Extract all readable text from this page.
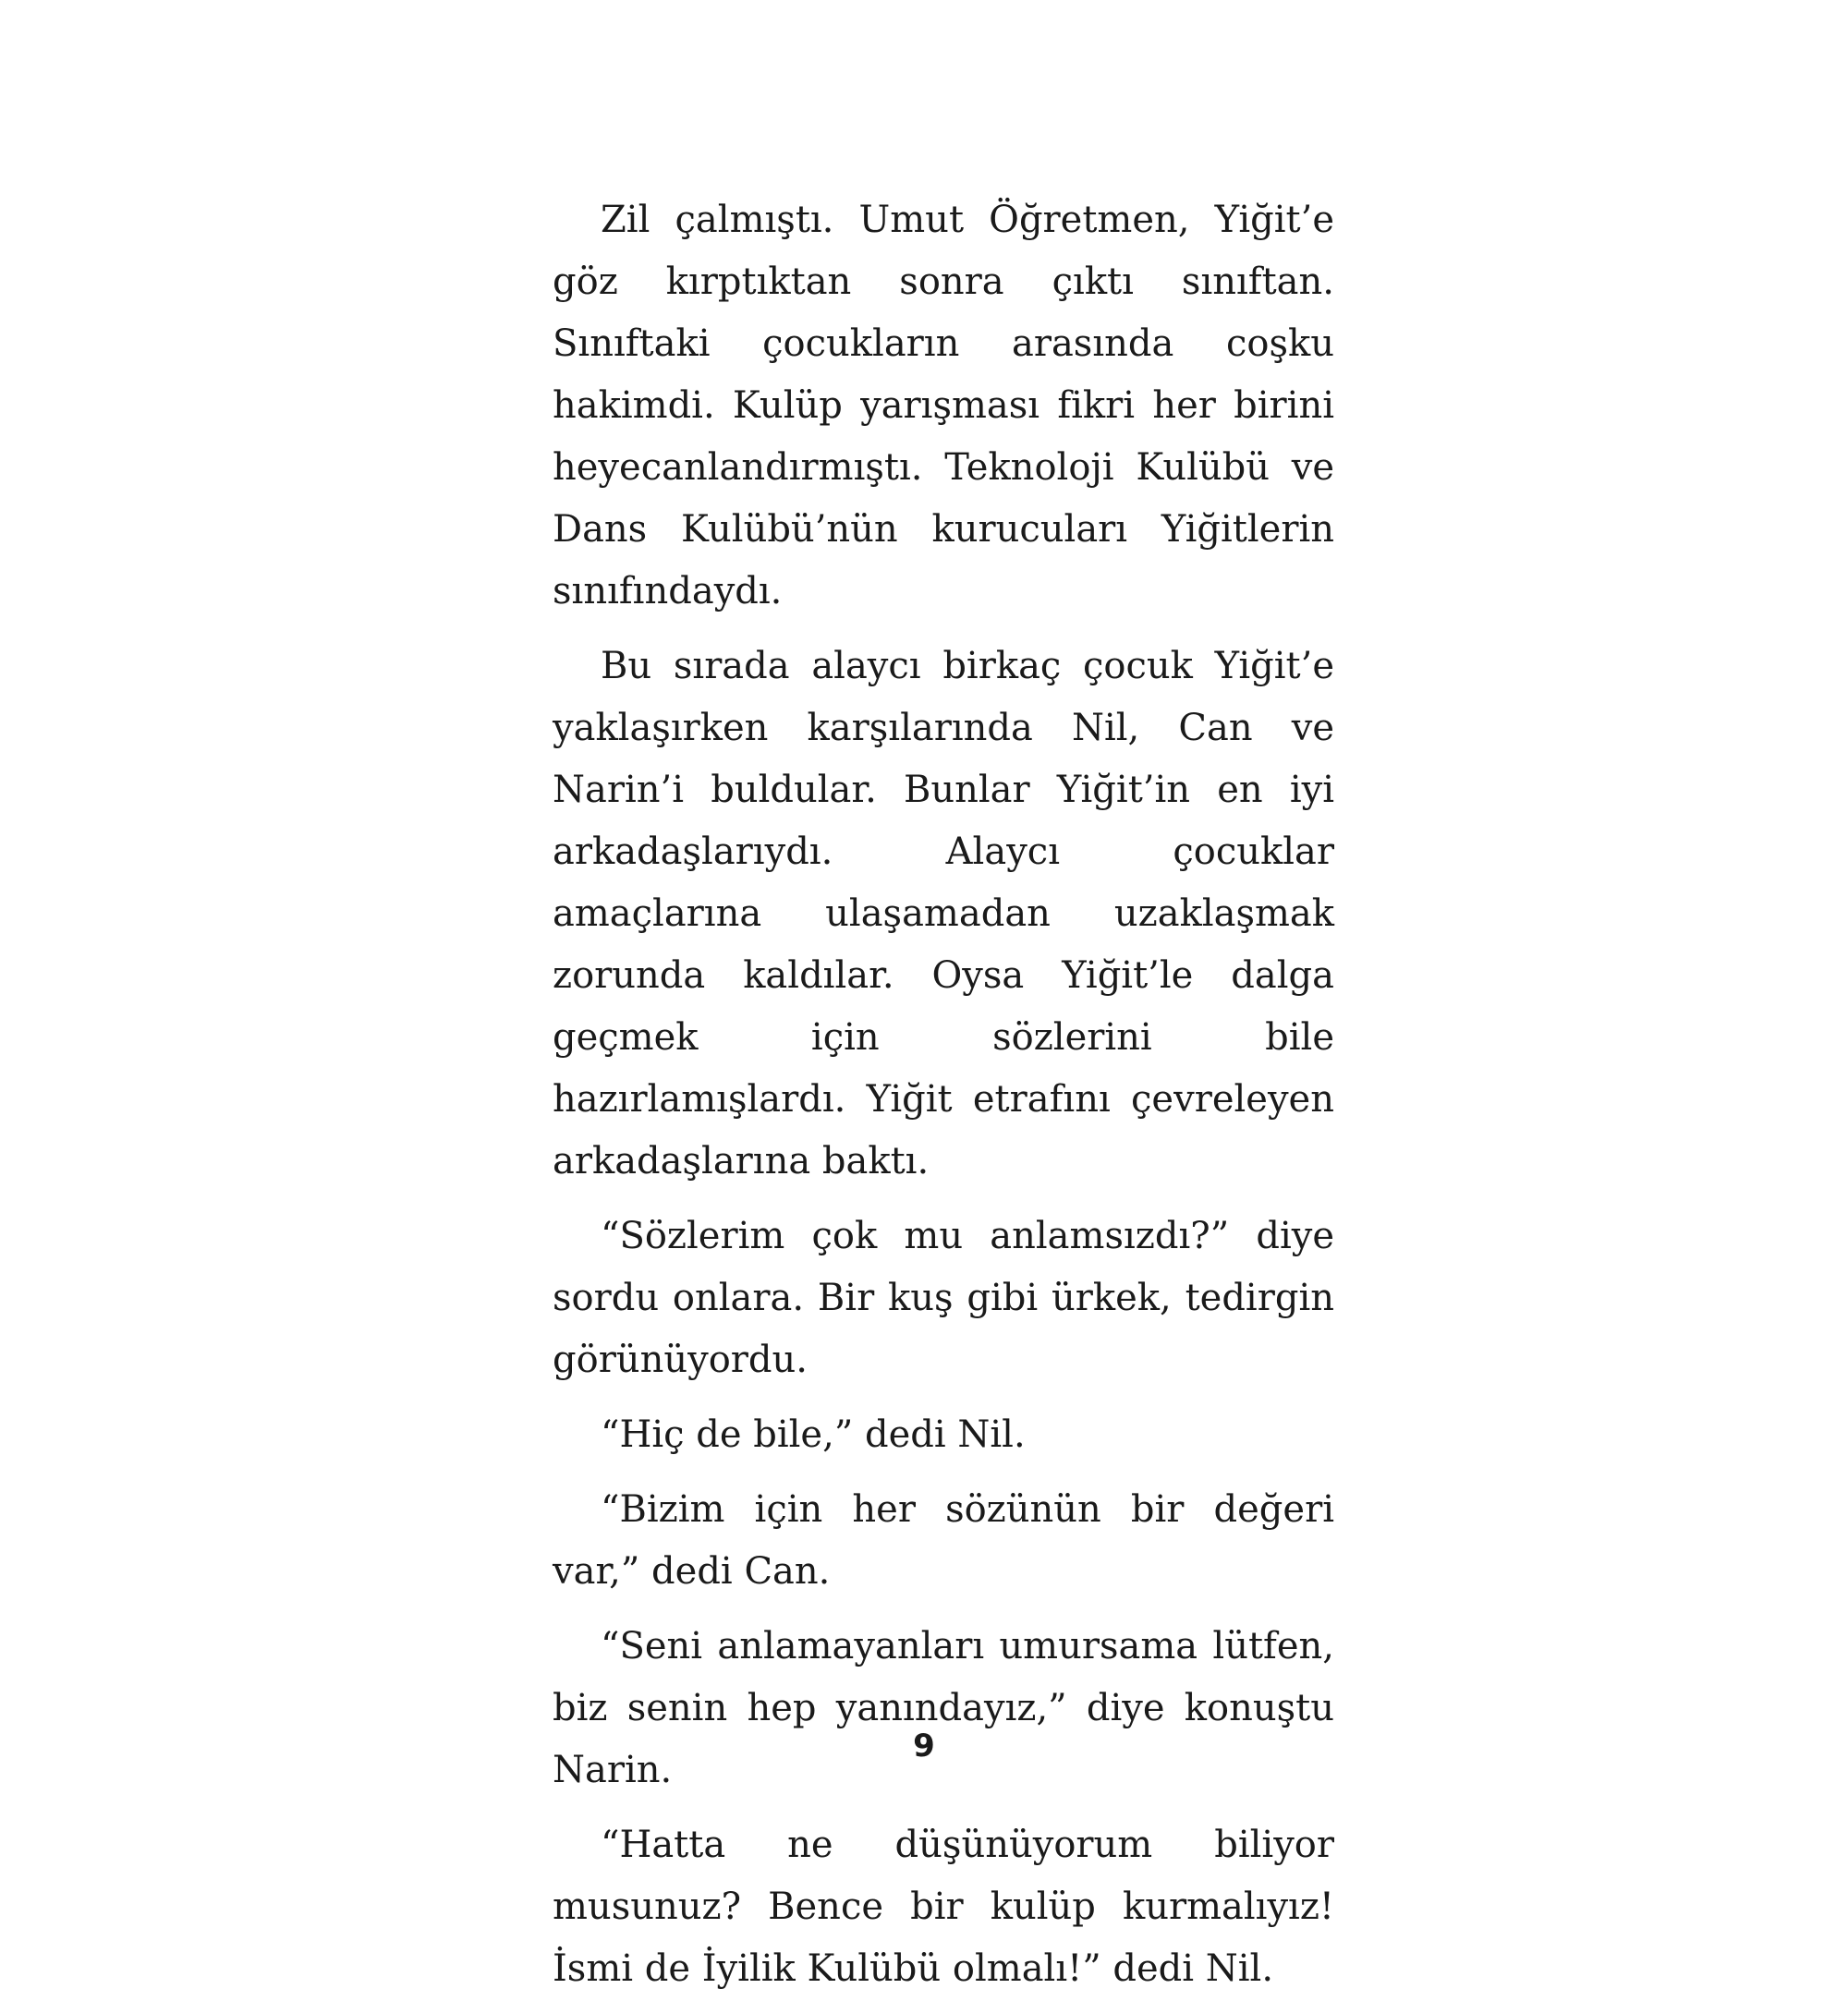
Zil çalmıştı. Umut Öğretmen, Yiğit’e göz kırptıktan sonra çıktı sınıftan. Sınıftaki çocukların arasında coşku hakimdi. Kulüp yarışması fikri her birini heyecanlandırmıştı. Teknoloji Kulübü ve Dans Kulübü’nün kurucuları Yiğitlerin sınıfındaydı.

Bu sırada alaycı birkaç çocuk Yiğit’e yaklaşırken karşılarında Nil, Can ve Narin’i buldular. Bunlar Yiğit’in en iyi arkadaşlarıydı. Alaycı çocuklar amaçlarına ulaşamadan uzaklaşmak zorunda kaldılar. Oysa Yiğit’le dalga geçmek için sözlerini bile hazırlamışlardı. Yiğit etrafını çevreleyen arkadaşlarına baktı.

“Sözlerim çok mu anlamsızdı?” diye sordu onlara. Bir kuş gibi ürkek, tedirgin görünüyordu.

“Hiç de bile,” dedi Nil.

“Bizim için her sözünün bir değeri var,” dedi Can.

“Seni anlamayanları umursama lütfen, biz senin hep yanındayız,” diye konuştu Narin.

“Hatta ne düşünüyorum biliyor musunuz? Bence bir kulüp kurmalıyız! İsmi de İyilik Kulübü olmalı!” dedi Nil.

9
